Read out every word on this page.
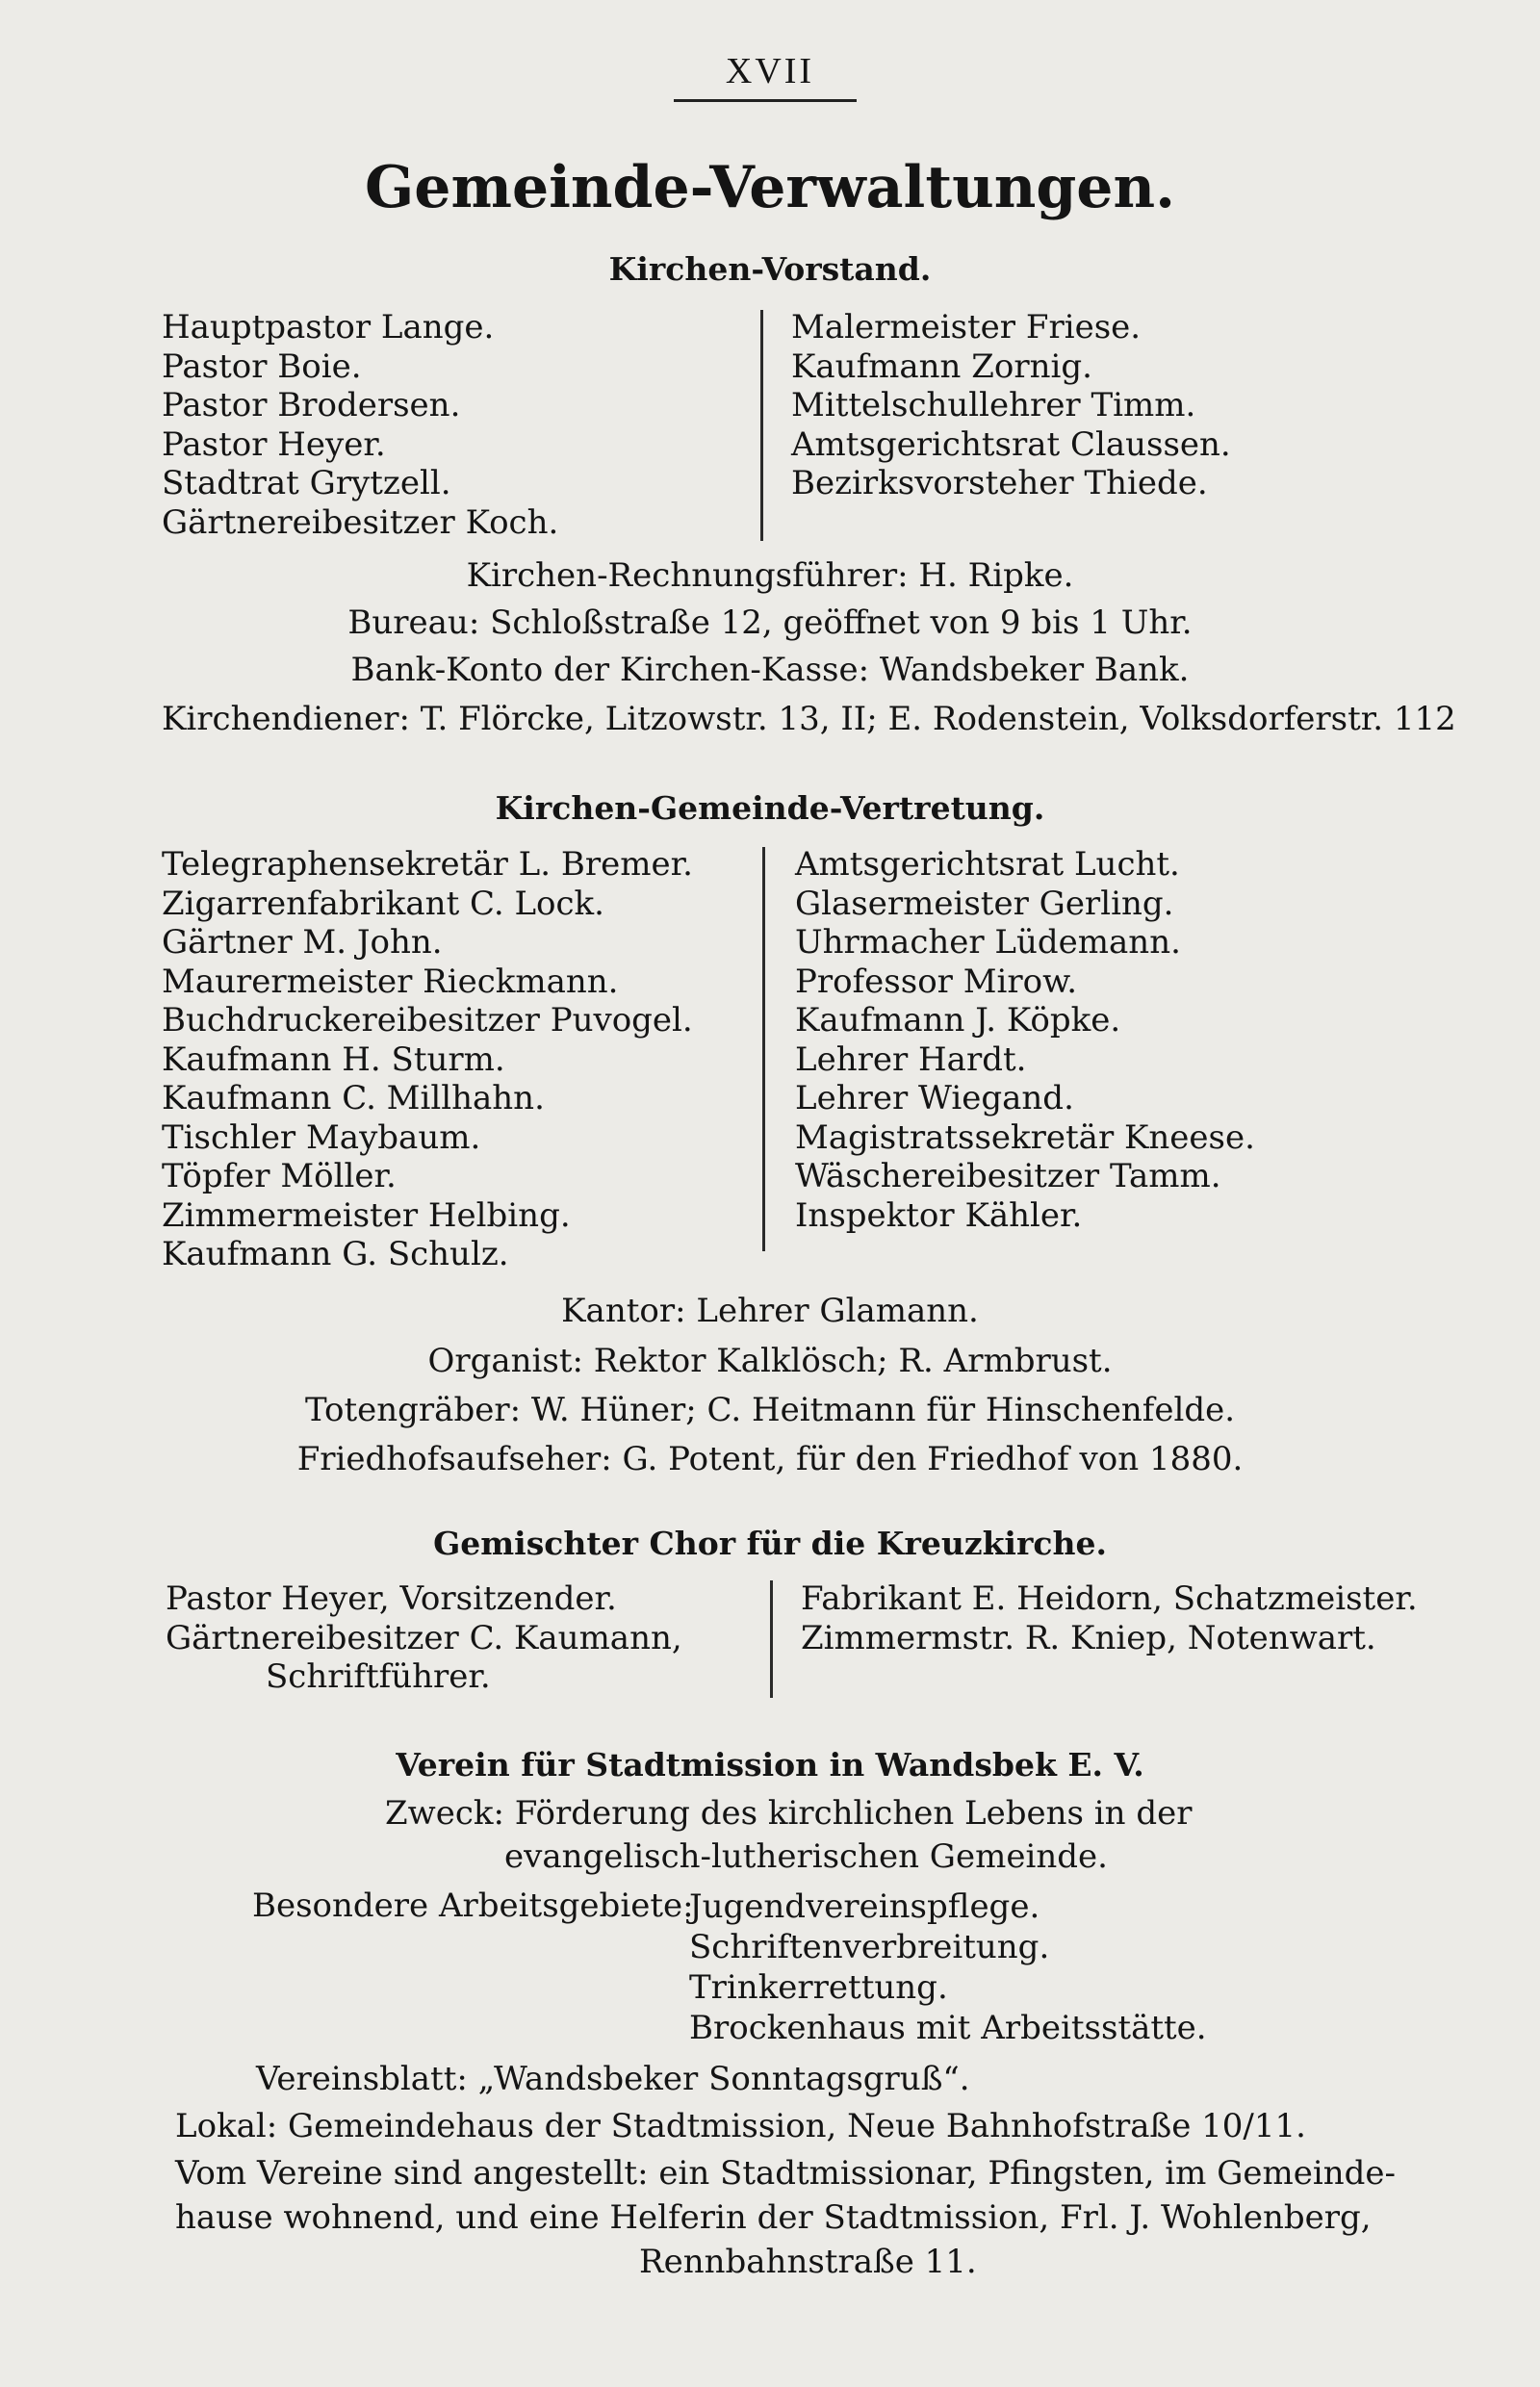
XVII
Gemeinde-Verwaltungen.
Kirchen-Vorstand.
Hauptpastor Lange.
Pastor Boie.
Pastor Brodersen.
Pastor Heyer.
Stadtrat Grytzell.
Gärtnereibesitzer Koch.
Malermeister Friese.
Kaufmann Zornig.
Mittelschullehrer Timm.
Amtsgerichtsrat Claussen.
Bezirksvorsteher Thiede.
Kirchen-Rechnungsführer: H. Ripke.
Bureau: Schloßstraße 12, geöffnet von 9 bis 1 Uhr.
Bank-Konto der Kirchen-Kasse: Wandsbeker Bank.
Kirchendiener: T. Flörcke, Litzowstr. 13, II; E. Rodenstein, Volksdorferstr. 112
Kirchen-Gemeinde-Vertretung.
Telegraphensekretär L. Bremer.
Zigarrenfabrikant C. Lock.
Gärtner M. John.
Maurermeister Rieckmann.
Buchdruckereibesitzer Puvogel.
Kaufmann H. Sturm.
Kaufmann C. Millhahn.
Tischler Maybaum.
Töpfer Möller.
Zimmermeister Helbing.
Kaufmann G. Schulz.
Amtsgerichtsrat Lucht.
Glasermeister Gerling.
Uhrmacher Lüdemann.
Professor Mirow.
Kaufmann J. Köpke.
Lehrer Hardt.
Lehrer Wiegand.
Magistratssekretär Kneese.
Wäschereibesitzer Tamm.
Inspektor Kähler.
Kantor: Lehrer Glamann.
Organist: Rektor Kalklösch; R. Armbrust.
Totengräber: W. Hüner; C. Heitmann für Hinschenfelde.
Friedhofsaufseher: G. Potent, für den Friedhof von 1880.
Gemischter Chor für die Kreuzkirche.
Pastor Heyer, Vorsitzender.
Gärtnereibesitzer C. Kaumann,
Schriftführer.
Fabrikant E. Heidorn, Schatzmeister.
Zimmermstr. R. Kniep, Notenwart.
Verein für Stadtmission in Wandsbek E. V.
Zweck: Förderung des kirchlichen Lebens in der
evangelisch-lutherischen Gemeinde.
Besondere Arbeitsgebiete:
Jugendvereinspflege.
Schriftenverbreitung.
Trinkerrettung.
Brockenhaus mit Arbeitsstätte.
Vereinsblatt: „Wandsbeker Sonntagsgruß“.
Lokal: Gemeindehaus der Stadtmission, Neue Bahnhofstraße 10/11.
Vom Vereine sind angestellt: ein Stadtmissionar, Pfingsten, im Gemeinde-
hause wohnend, und eine Helferin der Stadtmission, Frl. J. Wohlenberg,
Rennbahnstraße 11.
